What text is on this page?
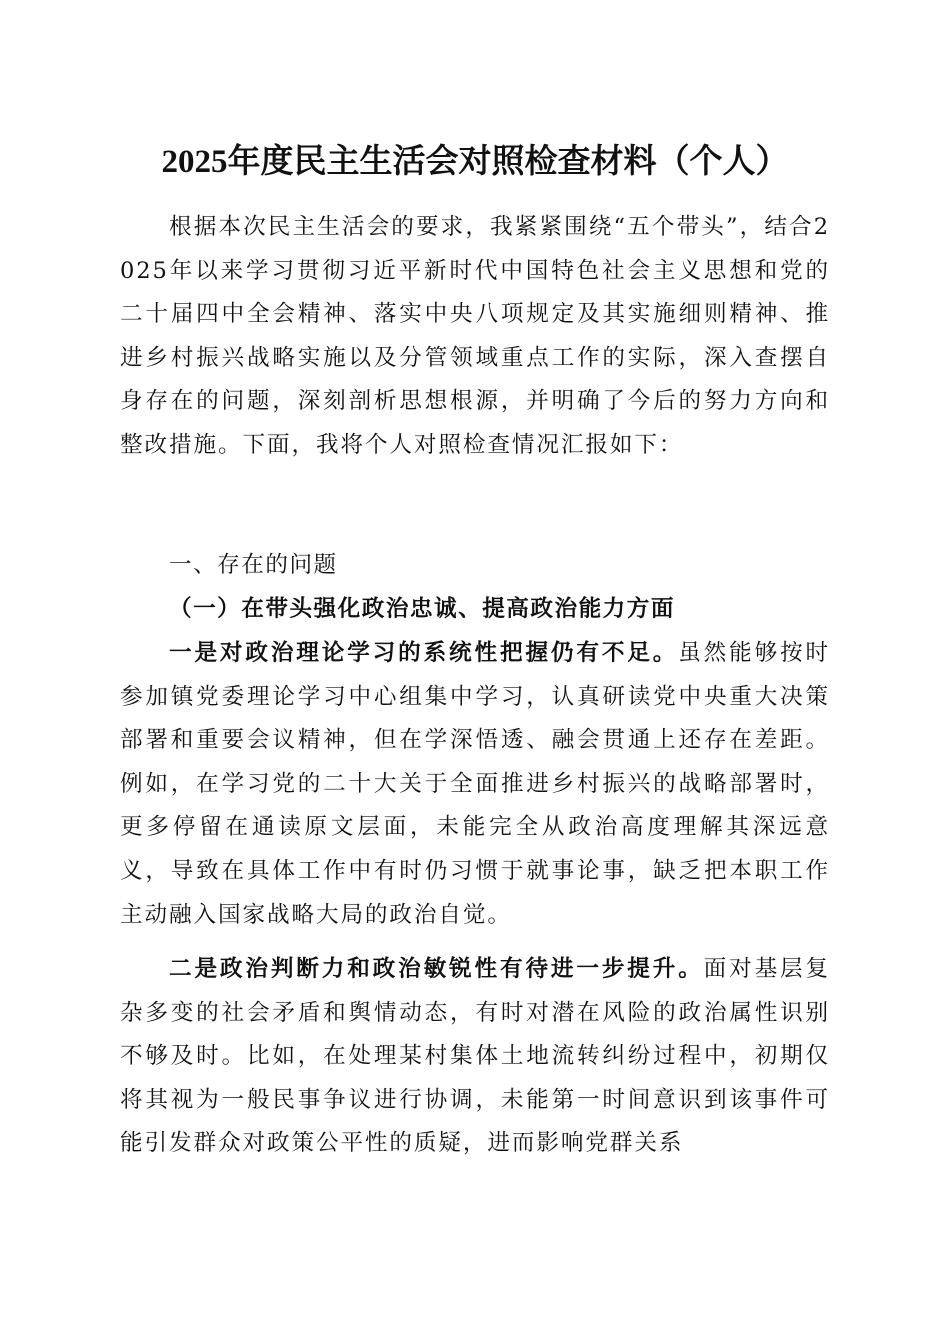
2025年度民主生活会对照检查材料（个人）

根据本次民主生活会的要求，我紧紧围绕“五个带头”，结合2025年以来学习贯彻习近平新时代中国特色社会主义思想和党的二十届四中全会精神、落实中央八项规定及其实施细则精神、推进乡村振兴战略实施以及分管领域重点工作的实际，深入查摆自身存在的问题，深刻剖析思想根源，并明确了今后的努力方向和整改措施。下面，我将个人对照检查情况汇报如下：

一、存在的问题
（一）在带头强化政治忠诚、提高政治能力方面

一是对政治理论学习的系统性把握仍有不足。虽然能够按时参加镇党委理论学习中心组集中学习，认真研读党中央重大决策部署和重要会议精神，但在学深悟透、融会贯通上还存在差距。例如，在学习党的二十大关于全面推进乡村振兴的战略部署时，更多停留在通读原文层面，未能完全从政治高度理解其深远意义，导致在具体工作中有时仍习惯于就事论事，缺乏把本职工作主动融入国家战略大局的政治自觉。

二是政治判断力和政治敏锐性有待进一步提升。面对基层复杂多变的社会矛盾和舆情动态，有时对潜在风险的政治属性识别不够及时。比如，在处理某村集体土地流转纠纷过程中，初期仅将其视为一般民事争议进行协调，未能第一时间意识到该事件可能引发群众对政策公平性的质疑，进而影响党群关系
